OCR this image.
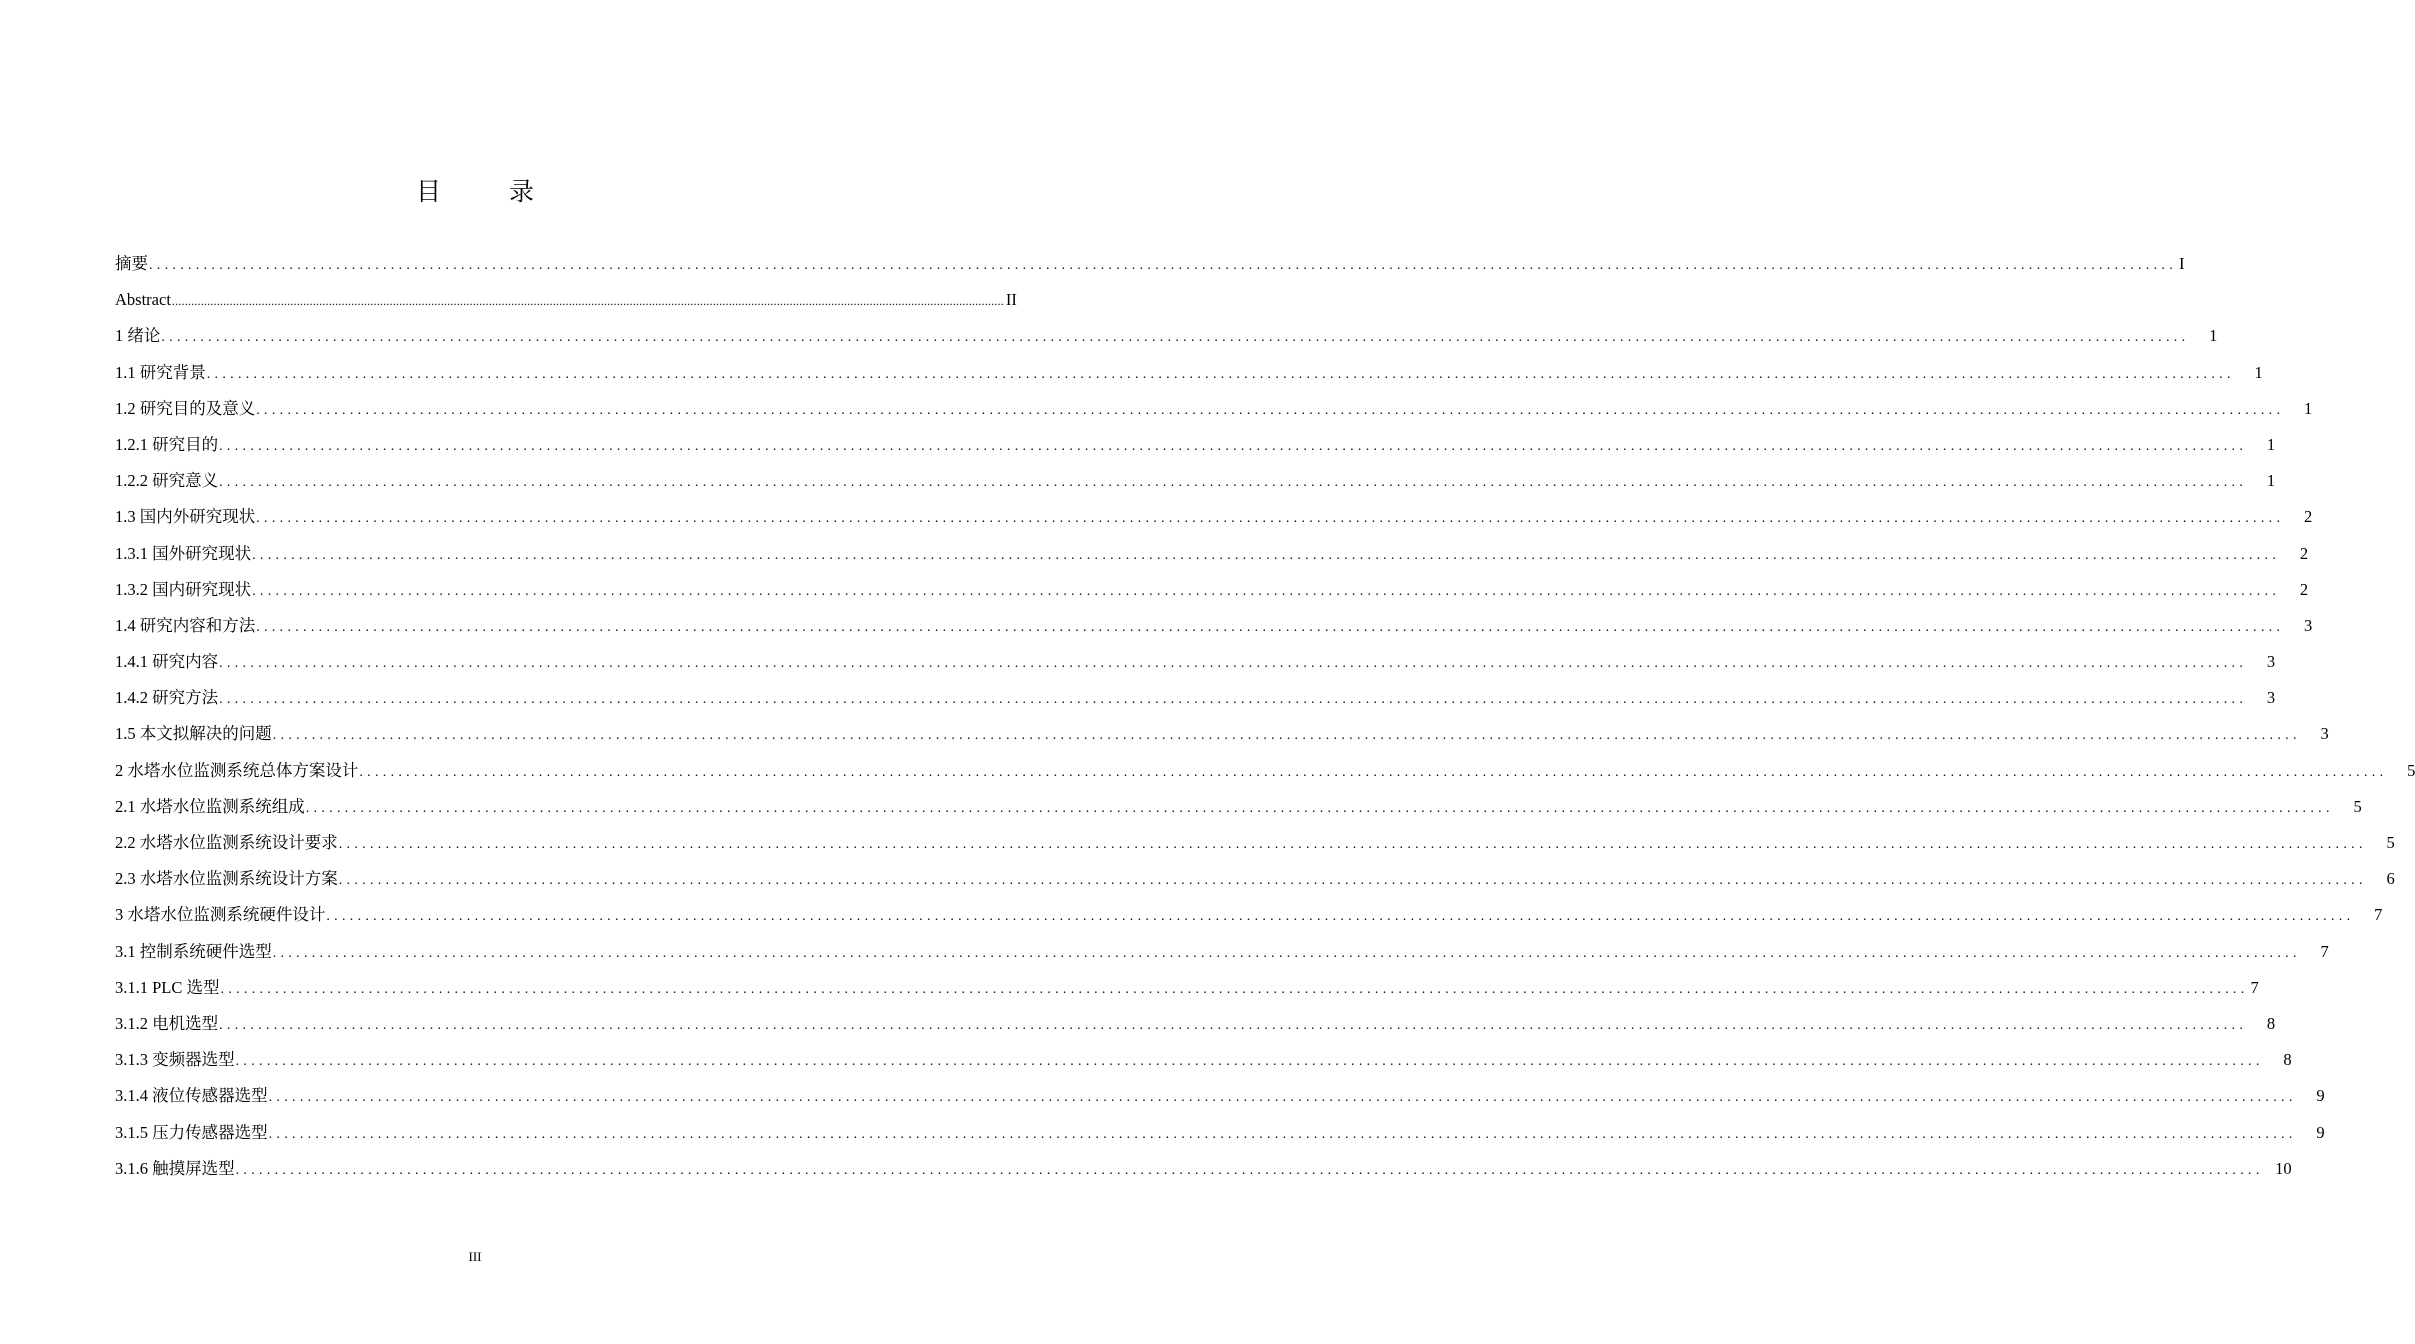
目 录
摘要 .................................................................................................................................................................................................................................................................... I
Abstract .................................................................................................................................................................................................................................................................... II
1 绪论 ....................................................................................................................................................................................................................................................................	1
1.1 研究背景 ....................................................................................................................................................................................................................................................................	1
1.2 研究目的及意义 ....................................................................................................................................................................................................................................................................	1
1.2.1 研究目的 ....................................................................................................................................................................................................................................................................	1
1.2.2 研究意义 ....................................................................................................................................................................................................................................................................	1
1.3 国内外研究现状 ....................................................................................................................................................................................................................................................................	2
1.3.1 国外研究现状 ....................................................................................................................................................................................................................................................................	2
1.3.2 国内研究现状 ....................................................................................................................................................................................................................................................................	2
1.4 研究内容和方法 ....................................................................................................................................................................................................................................................................	3
1.4.1 研究内容 ....................................................................................................................................................................................................................................................................	3
1.4.2 研究方法 ....................................................................................................................................................................................................................................................................	3
1.5 本文拟解决的问题 ....................................................................................................................................................................................................................................................................	3
2 水塔水位监测系统总体方案设计 ....................................................................................................................................................................................................................................................................	5
2.1 水塔水位监测系统组成 ....................................................................................................................................................................................................................................................................	5
2.2 水塔水位监测系统设计要求 ....................................................................................................................................................................................................................................................................	5
2.3 水塔水位监测系统设计方案 ....................................................................................................................................................................................................................................................................	6
3 水塔水位监测系统硬件设计 ....................................................................................................................................................................................................................................................................	7
3.1 控制系统硬件选型 ....................................................................................................................................................................................................................................................................	7
3.1.1 PLC 选型 .................................................................................................................................................................................................................................................................... 7
3.1.2 电机选型 ....................................................................................................................................................................................................................................................................	8
3.1.3 变频器选型 ....................................................................................................................................................................................................................................................................	8
3.1.4 液位传感器选型 ....................................................................................................................................................................................................................................................................	9
3.1.5 压力传感器选型 ....................................................................................................................................................................................................................................................................	9
3.1.6 触摸屏选型 .................................................................................................................................................................................................................................................................... 10
III
